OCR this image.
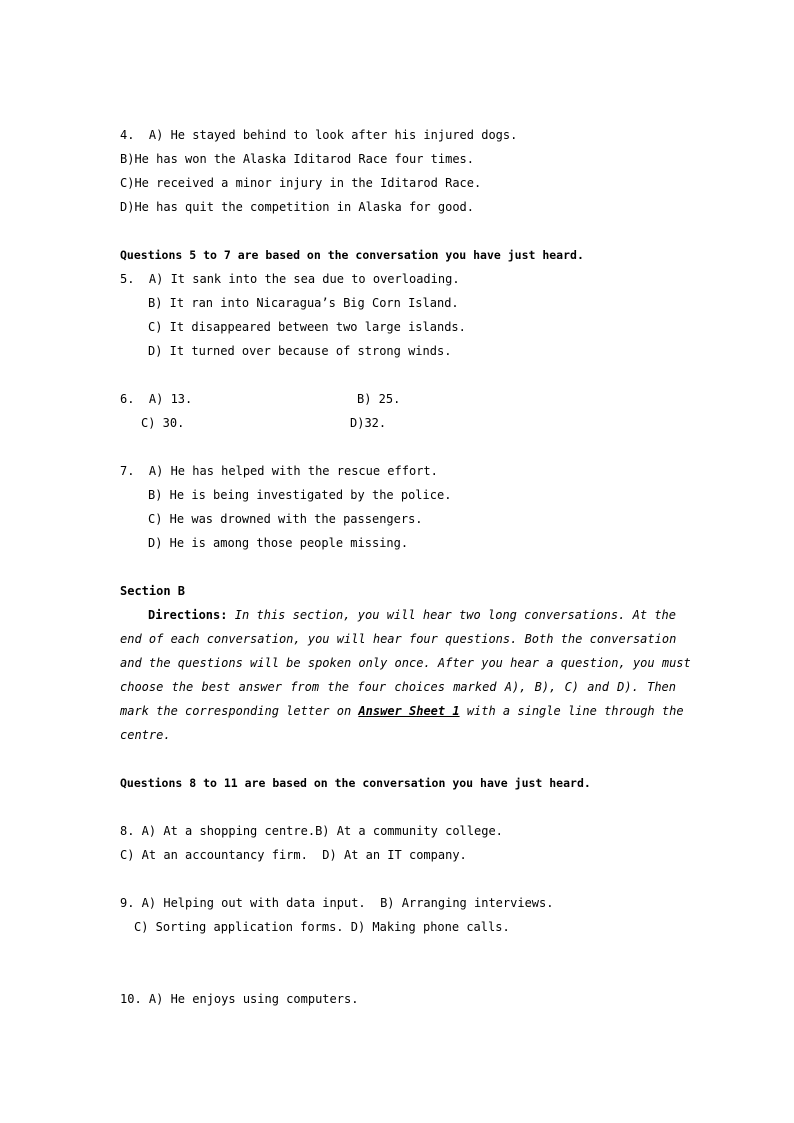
4.  A) He stayed behind to look after his injured dogs.
B)He has won the Alaska Iditarod Race four times.
C)He received a minor injury in the Iditarod Race.
D)He has quit the competition in Alaska for good.
Questions 5 to 7 are based on the conversation you have just heard.
5.  A) It sank into the sea due to overloading.
B) It ran into Nicaragua’s Big Corn Island.
C) It disappeared between two large islands.
D) It turned over because of strong winds.
6.  A) 13.	B) 25.
C) 30.	D)32.
7.  A) He has helped with the rescue effort.
B) He is being investigated by the police.
C) He was drowned with the passengers.
D) He is among those people missing.
Section B
Directions: In this section, you will hear two long conversations. At the
end of each conversation, you will hear four questions. Both the conversation
and the questions will be spoken only once. After you hear a question, you must
choose the best answer from the four choices marked A), B), C) and D). Then
mark the corresponding letter on Answer Sheet 1 with a single line through the
centre.
Questions 8 to 11 are based on the conversation you have just heard.
8. A) At a shopping centre.B) At a community college.
C) At an accountancy firm.  D) At an IT company.
9. A) Helping out with data input.  B) Arranging interviews.
C) Sorting application forms. D) Making phone calls.
10. A) He enjoys using computers.
